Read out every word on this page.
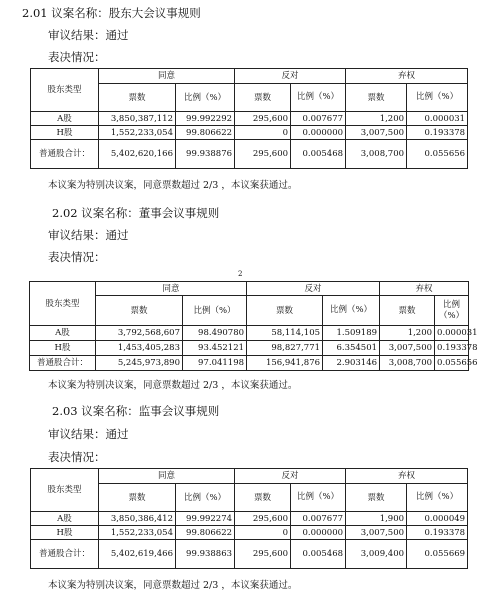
2.01 议案名称：股东大会议事规则
审议结果：通过
表决情况：
股东类型	同意		反对		弃权	
	票数	比例（%）	票数	比例（%）	票数	比例（%）
A股	3,850,387,112	99.992292	295,600	0.007677	1,200	0.000031
H股	1,552,233,054	99.806622	0	0.000000	3,007,500	0.193378
普通股合计：	5,402,620,166	99.938876	295,600	0.005468	3,008,700	0.055656
本议案为特别决议案，同意票数超过 2/3 ，本议案获通过。
2.02 议案名称：董事会议事规则
审议结果：通过
表决情况：
2
股东类型	同意		反对		弃权	
	票数	比例（%）	票数	比例（%）	票数	比例（%）
A股	3,792,568,607	98.490780	58,114,105	1.509189	1,200	0.000031
H股	1,453,405,283	93.452121	98,827,771	6.354501	3,007,500	0.193378
普通股合计：	5,245,973,890	97.041198	156,941,876	2.903146	3,008,700	0.055656
本议案为特别决议案，同意票数超过 2/3 ，本议案获通过。
2.03 议案名称：监事会议事规则
审议结果：通过
表决情况：
股东类型	同意		反对		弃权	
	票数	比例（%）	票数	比例（%）	票数	比例（%）
A股	3,850,386,412	99.992274	295,600	0.007677	1,900	0.000049
H股	1,552,233,054	99.806622	0	0.000000	3,007,500	0.193378
普通股合计：	5,402,619,466	99.938863	295,600	0.005468	3,009,400	0.055669
本议案为特别决议案，同意票数超过 2/3 ，本议案获通过。
